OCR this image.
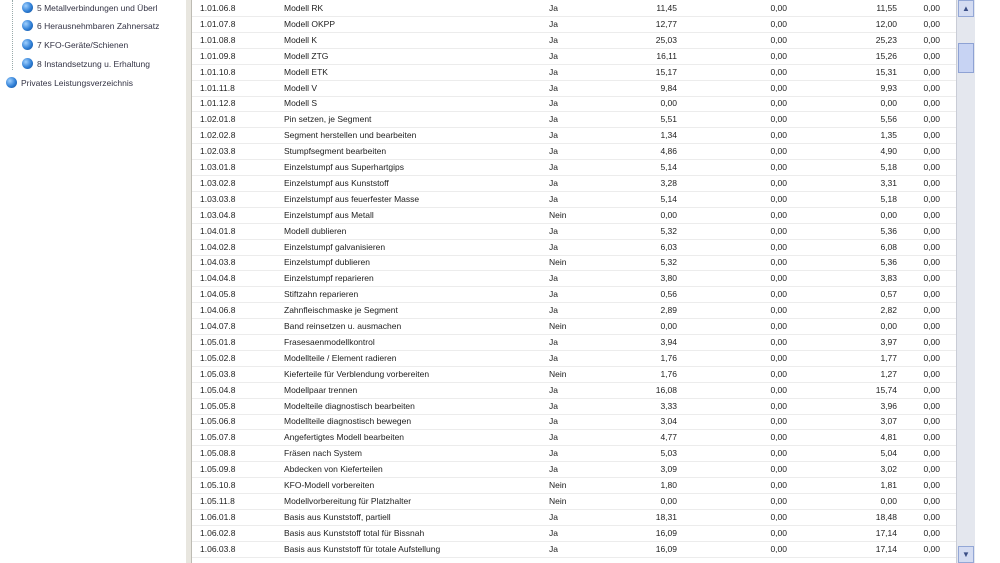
5 Metallverbindungen und Überl
6 Herausnehmbaren Zahnersatz
7 KFO-Geräte/Schienen
8 Instandsetzung u. Erhaltung
Privates Leistungsverzeichnis
1.01.06.8	Modell RK	Ja	11,45	0,00	11,55	0,00
1.01.07.8	Modell OKPP	Ja	12,77	0,00	12,00	0,00
1.01.08.8	Modell K	Ja	25,03	0,00	25,23	0,00
1.01.09.8	Modell ZTG	Ja	16,11	0,00	15,26	0,00
1.01.10.8	Modell ETK	Ja	15,17	0,00	15,31	0,00
1.01.11.8	Modell V	Ja	9,84	0,00	9,93	0,00
1.01.12.8	Modell S	Ja	0,00	0,00	0,00	0,00
1.02.01.8	Pin setzen, je Segment	Ja	5,51	0,00	5,56	0,00
1.02.02.8	Segment herstellen und bearbeiten	Ja	1,34	0,00	1,35	0,00
1.02.03.8	Stumpfsegment bearbeiten	Ja	4,86	0,00	4,90	0,00
1.03.01.8	Einzelstumpf aus Superhartgips	Ja	5,14	0,00	5,18	0,00
1.03.02.8	Einzelstumpf aus Kunststoff	Ja	3,28	0,00	3,31	0,00
1.03.03.8	Einzelstumpf aus feuerfester Masse	Ja	5,14	0,00	5,18	0,00
1.03.04.8	Einzelstumpf aus Metall	Nein	0,00	0,00	0,00	0,00
1.04.01.8	Modell dublieren	Ja	5,32	0,00	5,36	0,00
1.04.02.8	Einzelstumpf galvanisieren	Ja	6,03	0,00	6,08	0,00
1.04.03.8	Einzelstumpf dublieren	Nein	5,32	0,00	5,36	0,00
1.04.04.8	Einzelstumpf reparieren	Ja	3,80	0,00	3,83	0,00
1.04.05.8	Stiftzahn reparieren	Ja	0,56	0,00	0,57	0,00
1.04.06.8	Zahnfleischmaske je Segment	Ja	2,89	0,00	2,82	0,00
1.04.07.8	Band reinsetzen u. ausmachen	Nein	0,00	0,00	0,00	0,00
1.05.01.8	Frasesaenmodellkontrol	Ja	3,94	0,00	3,97	0,00
1.05.02.8	Modellteile / Element radieren	Ja	1,76	0,00	1,77	0,00
1.05.03.8	Kieferteile für Verblendung vorbereiten	Nein	1,76	0,00	1,27	0,00
1.05.04.8	Modellpaar trennen	Ja	16,08	0,00	15,74	0,00
1.05.05.8	Modelteile diagnostisch bearbeiten	Ja	3,33	0,00	3,96	0,00
1.05.06.8	Modellteile diagnostisch bewegen	Ja	3,04	0,00	3,07	0,00
1.05.07.8	Angefertigtes Modell bearbeiten	Ja	4,77	0,00	4,81	0,00
1.05.08.8	Fräsen nach System	Ja	5,03	0,00	5,04	0,00
1.05.09.8	Abdecken von Kieferteilen	Ja	3,09	0,00	3,02	0,00
1.05.10.8	KFO-Modell vorbereiten	Nein	1,80	0,00	1,81	0,00
1.05.11.8	Modellvorbereitung für Platzhalter	Nein	0,00	0,00	0,00	0,00
1.06.01.8	Basis aus Kunststoff, partiell	Ja	18,31	0,00	18,48	0,00
1.06.02.8	Basis aus Kunststoff total für Bissnah	Ja	16,09	0,00	17,14	0,00
1.06.03.8	Basis aus Kunststoff für totale Aufstellung	Ja	16,09	0,00	17,14	0,00
▲
▼
